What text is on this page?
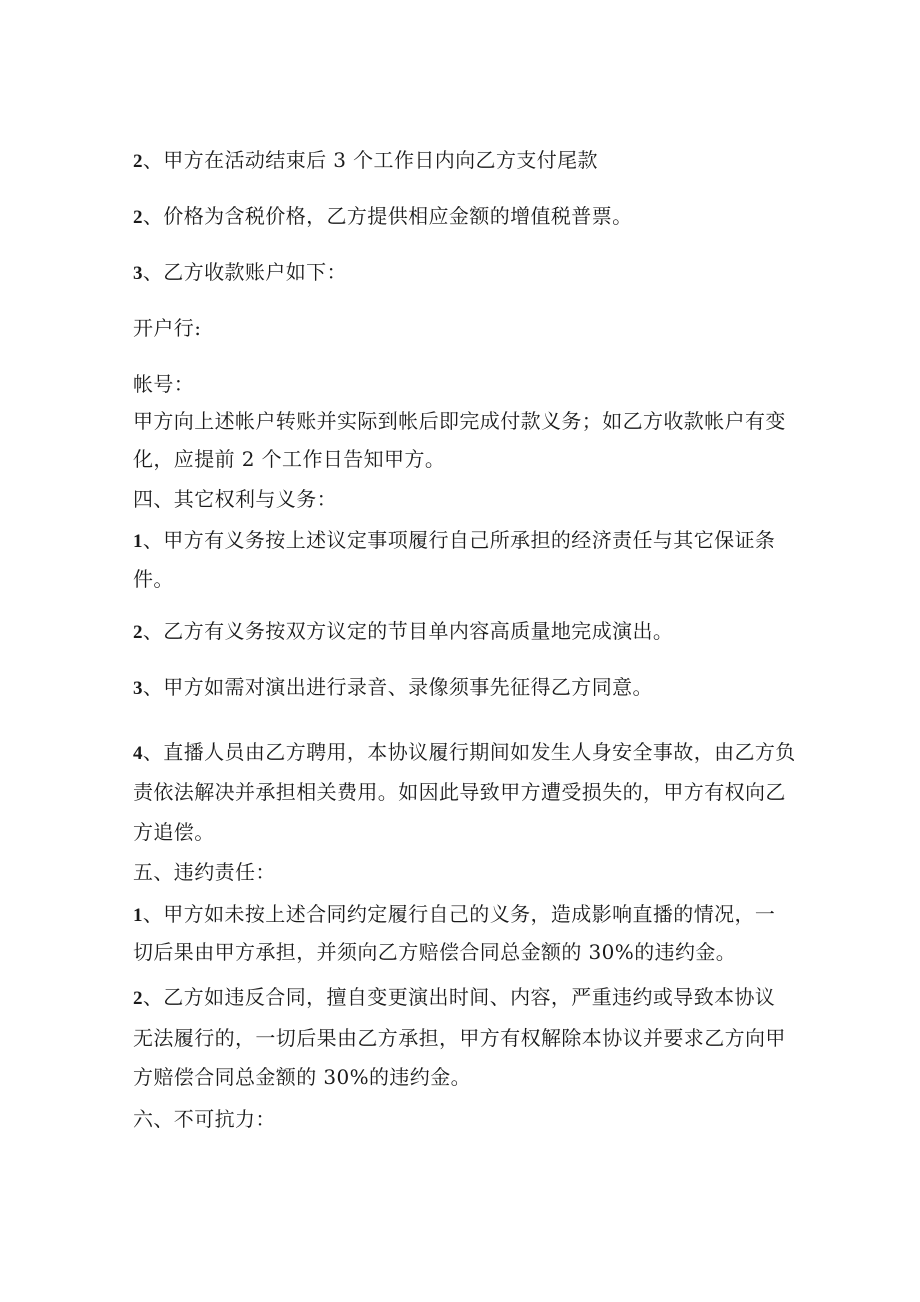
2、甲方在活动结束后 3 个工作日内向乙方支付尾款
2、价格为含税价格，乙方提供相应金额的增值税普票。
3、乙方收款账户如下：
开户行:
帐号：
甲方向上述帐户转账并实际到帐后即完成付款义务；如乙方收款帐户有变
化，应提前 2 个工作日告知甲方。
四、其它权利与义务：
1、甲方有义务按上述议定事项履行自己所承担的经济责任与其它保证条
件。
2、乙方有义务按双方议定的节目单内容高质量地完成演出。
3、甲方如需对演出进行录音、录像须事先征得乙方同意。
4、直播人员由乙方聘用，本协议履行期间如发生人身安全事故，由乙方负
责依法解决并承担相关费用。如因此导致甲方遭受损失的，甲方有权向乙
方追偿。
五、违约责任：
1、甲方如未按上述合同约定履行自己的义务，造成影响直播的情况，一
切后果由甲方承担，并须向乙方赔偿合同总金额的 30%的违约金。
2、乙方如违反合同，擅自变更演出时间、内容，严重违约或导致本协议
无法履行的，一切后果由乙方承担，甲方有权解除本协议并要求乙方向甲
方赔偿合同总金额的 30%的违约金。
六、不可抗力：
